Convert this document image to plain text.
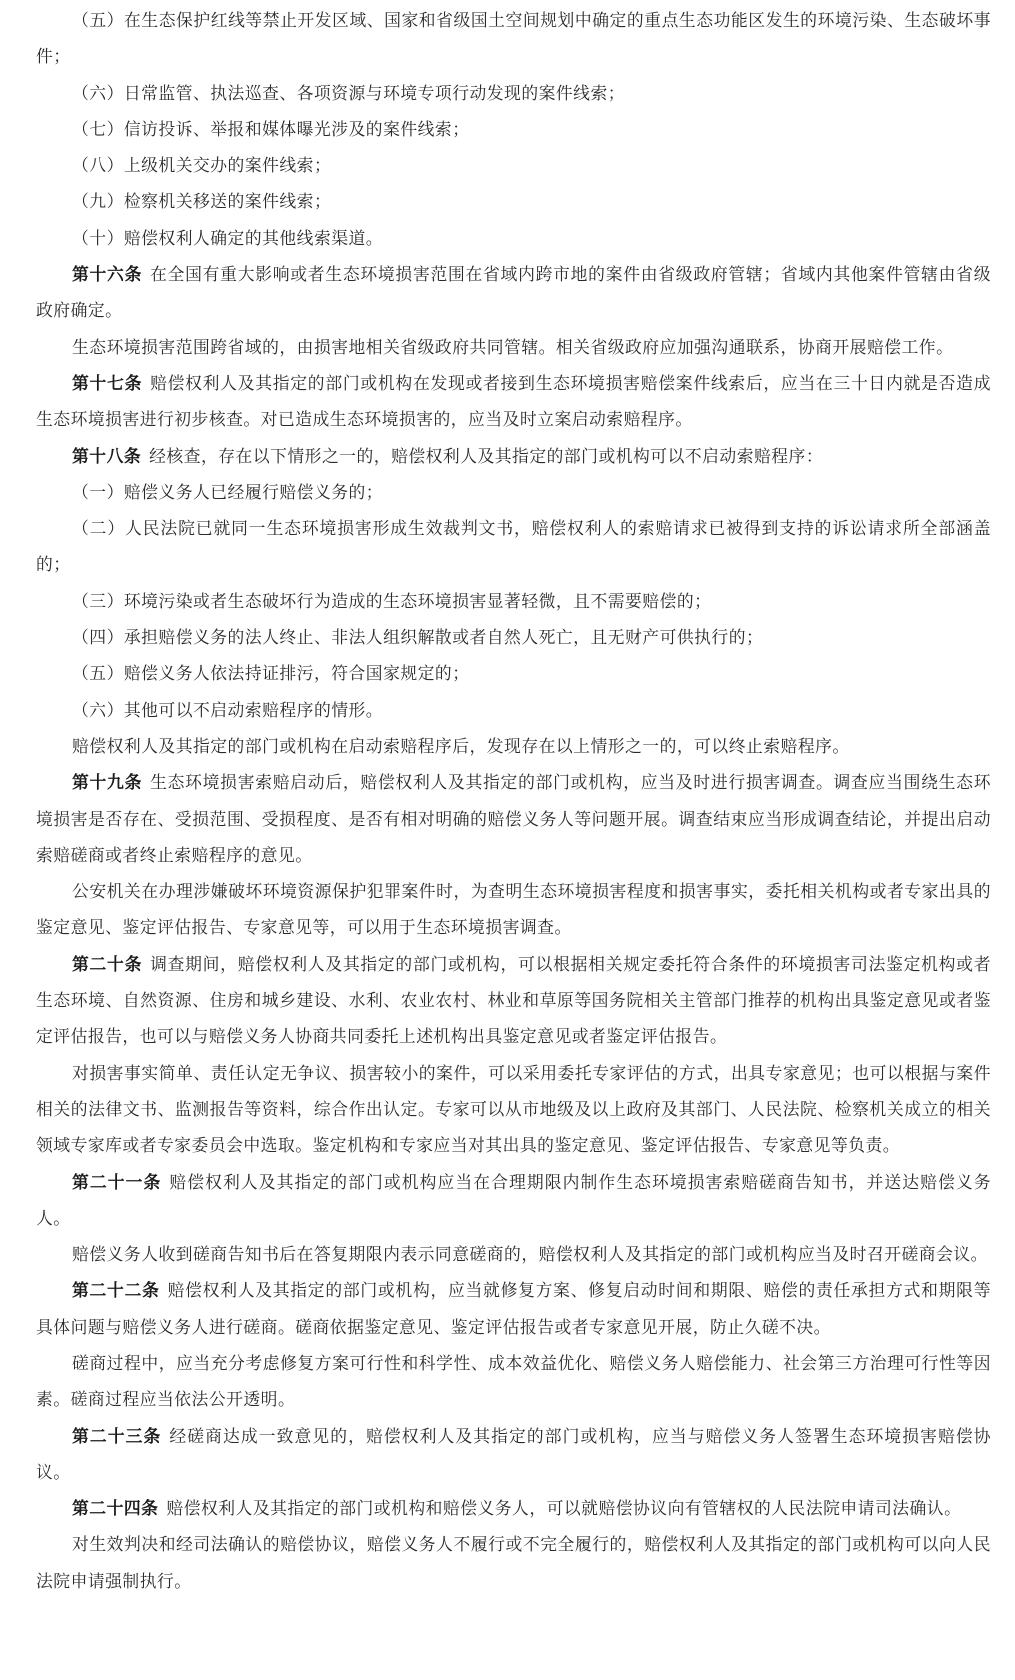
（五）在生态保护红线等禁止开发区域、国家和省级国土空间规划中确定的重点生态功能区发生的环境污染、生态破坏事件；

（六）日常监管、执法巡查、各项资源与环境专项行动发现的案件线索；

（七）信访投诉、举报和媒体曝光涉及的案件线索；

（八）上级机关交办的案件线索；

（九）检察机关移送的案件线索；

（十）赔偿权利人确定的其他线索渠道。

第十六条 在全国有重大影响或者生态环境损害范围在省域内跨市地的案件由省级政府管辖；省域内其他案件管辖由省级政府确定。

生态环境损害范围跨省域的，由损害地相关省级政府共同管辖。相关省级政府应加强沟通联系，协商开展赔偿工作。

第十七条 赔偿权利人及其指定的部门或机构在发现或者接到生态环境损害赔偿案件线索后，应当在三十日内就是否造成生态环境损害进行初步核查。对已造成生态环境损害的，应当及时立案启动索赔程序。

第十八条 经核查，存在以下情形之一的，赔偿权利人及其指定的部门或机构可以不启动索赔程序：

（一）赔偿义务人已经履行赔偿义务的；

（二）人民法院已就同一生态环境损害形成生效裁判文书，赔偿权利人的索赔请求已被得到支持的诉讼请求所全部涵盖的；

（三）环境污染或者生态破坏行为造成的生态环境损害显著轻微，且不需要赔偿的；

（四）承担赔偿义务的法人终止、非法人组织解散或者自然人死亡，且无财产可供执行的；

（五）赔偿义务人依法持证排污，符合国家规定的；

（六）其他可以不启动索赔程序的情形。

赔偿权利人及其指定的部门或机构在启动索赔程序后，发现存在以上情形之一的，可以终止索赔程序。

第十九条 生态环境损害索赔启动后，赔偿权利人及其指定的部门或机构，应当及时进行损害调查。调查应当围绕生态环境损害是否存在、受损范围、受损程度、是否有相对明确的赔偿义务人等问题开展。调查结束应当形成调查结论，并提出启动索赔磋商或者终止索赔程序的意见。

公安机关在办理涉嫌破坏环境资源保护犯罪案件时，为查明生态环境损害程度和损害事实，委托相关机构或者专家出具的鉴定意见、鉴定评估报告、专家意见等，可以用于生态环境损害调查。

第二十条 调查期间，赔偿权利人及其指定的部门或机构，可以根据相关规定委托符合条件的环境损害司法鉴定机构或者生态环境、自然资源、住房和城乡建设、水利、农业农村、林业和草原等国务院相关主管部门推荐的机构出具鉴定意见或者鉴定评估报告，也可以与赔偿义务人协商共同委托上述机构出具鉴定意见或者鉴定评估报告。

对损害事实简单、责任认定无争议、损害较小的案件，可以采用委托专家评估的方式，出具专家意见；也可以根据与案件相关的法律文书、监测报告等资料，综合作出认定。专家可以从市地级及以上政府及其部门、人民法院、检察机关成立的相关领域专家库或者专家委员会中选取。鉴定机构和专家应当对其出具的鉴定意见、鉴定评估报告、专家意见等负责。

第二十一条 赔偿权利人及其指定的部门或机构应当在合理期限内制作生态环境损害索赔磋商告知书，并送达赔偿义务人。

赔偿义务人收到磋商告知书后在答复期限内表示同意磋商的，赔偿权利人及其指定的部门或机构应当及时召开磋商会议。

第二十二条 赔偿权利人及其指定的部门或机构，应当就修复方案、修复启动时间和期限、赔偿的责任承担方式和期限等具体问题与赔偿义务人进行磋商。磋商依据鉴定意见、鉴定评估报告或者专家意见开展，防止久磋不决。

磋商过程中，应当充分考虑修复方案可行性和科学性、成本效益优化、赔偿义务人赔偿能力、社会第三方治理可行性等因素。磋商过程应当依法公开透明。

第二十三条 经磋商达成一致意见的，赔偿权利人及其指定的部门或机构，应当与赔偿义务人签署生态环境损害赔偿协议。

第二十四条 赔偿权利人及其指定的部门或机构和赔偿义务人，可以就赔偿协议向有管辖权的人民法院申请司法确认。

对生效判决和经司法确认的赔偿协议，赔偿义务人不履行或不完全履行的，赔偿权利人及其指定的部门或机构可以向人民法院申请强制执行。
